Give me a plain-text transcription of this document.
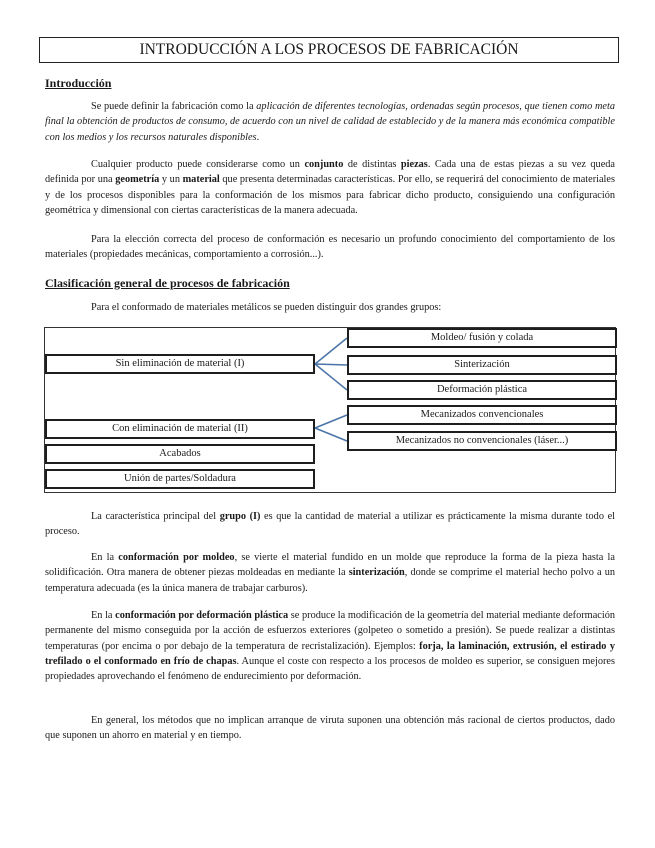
INTRODUCCIÓN A LOS PROCESOS DE FABRICACIÓN
Introducción

Se puede definir la fabricación como la aplicación de diferentes tecnologías, ordenadas según procesos, que tienen como meta final la obtención de productos de consumo, de acuerdo con un nivel de calidad de establecido y de la manera más económica compatible con los medios y los recursos naturales disponibles.

Cualquier producto puede considerarse como un conjunto de distintas piezas. Cada una de estas piezas a su vez queda definida por una geometría y un material que presenta determinadas características. Por ello, se requerirá del conocimiento de materiales y de los procesos disponibles para la conformación de los mismos para fabricar dicho producto, consiguiendo una configuración geométrica y dimensional con ciertas características de la manera adecuada.

Para la elección correcta del proceso de conformación es necesario un profundo conocimiento del comportamiento de los materiales (propiedades mecánicas, comportamiento a corrosión...).

Clasificación general de procesos de fabricación

Para el conformado de materiales metálicos se pueden distinguir dos grandes grupos:

Sin eliminación de material (I)
Con eliminación de material (II)
Acabados
Unión de partes/Soldadura
Moldeo/ fusión y colada
Sinterización
Deformación plástica
Mecanizados convencionales
Mecanizados no convencionales (láser...)

La característica principal del grupo (I) es que la cantidad de material a utilizar es prácticamente la misma durante todo el proceso.

En la conformación por moldeo, se vierte el material fundido en un molde que reproduce la forma de la pieza hasta la solidificación. Otra manera de obtener piezas moldeadas en mediante la sinterización, donde se comprime el material hecho polvo a un temperatura adecuada (es la única manera de trabajar carburos).

En la conformación por deformación plástica se produce la modificación de la geometría del material mediante deformación permanente del mismo conseguida por la acción de esfuerzos exteriores (golpeteo o sometido a presión). Se puede realizar a distintas temperaturas (por encima o por debajo de la temperatura de recristalización). Ejemplos: forja, la laminación, extrusión, el estirado y trefilado o el conformado en frío de chapas. Aunque el coste con respecto a los procesos de moldeo es superior, se consiguen mejores propiedades aprovechando el fenómeno de endurecimiento por deformación.

En general, los métodos que no implican arranque de viruta suponen una obtención más racional de ciertos productos, dado que suponen un ahorro en material y en tiempo.
